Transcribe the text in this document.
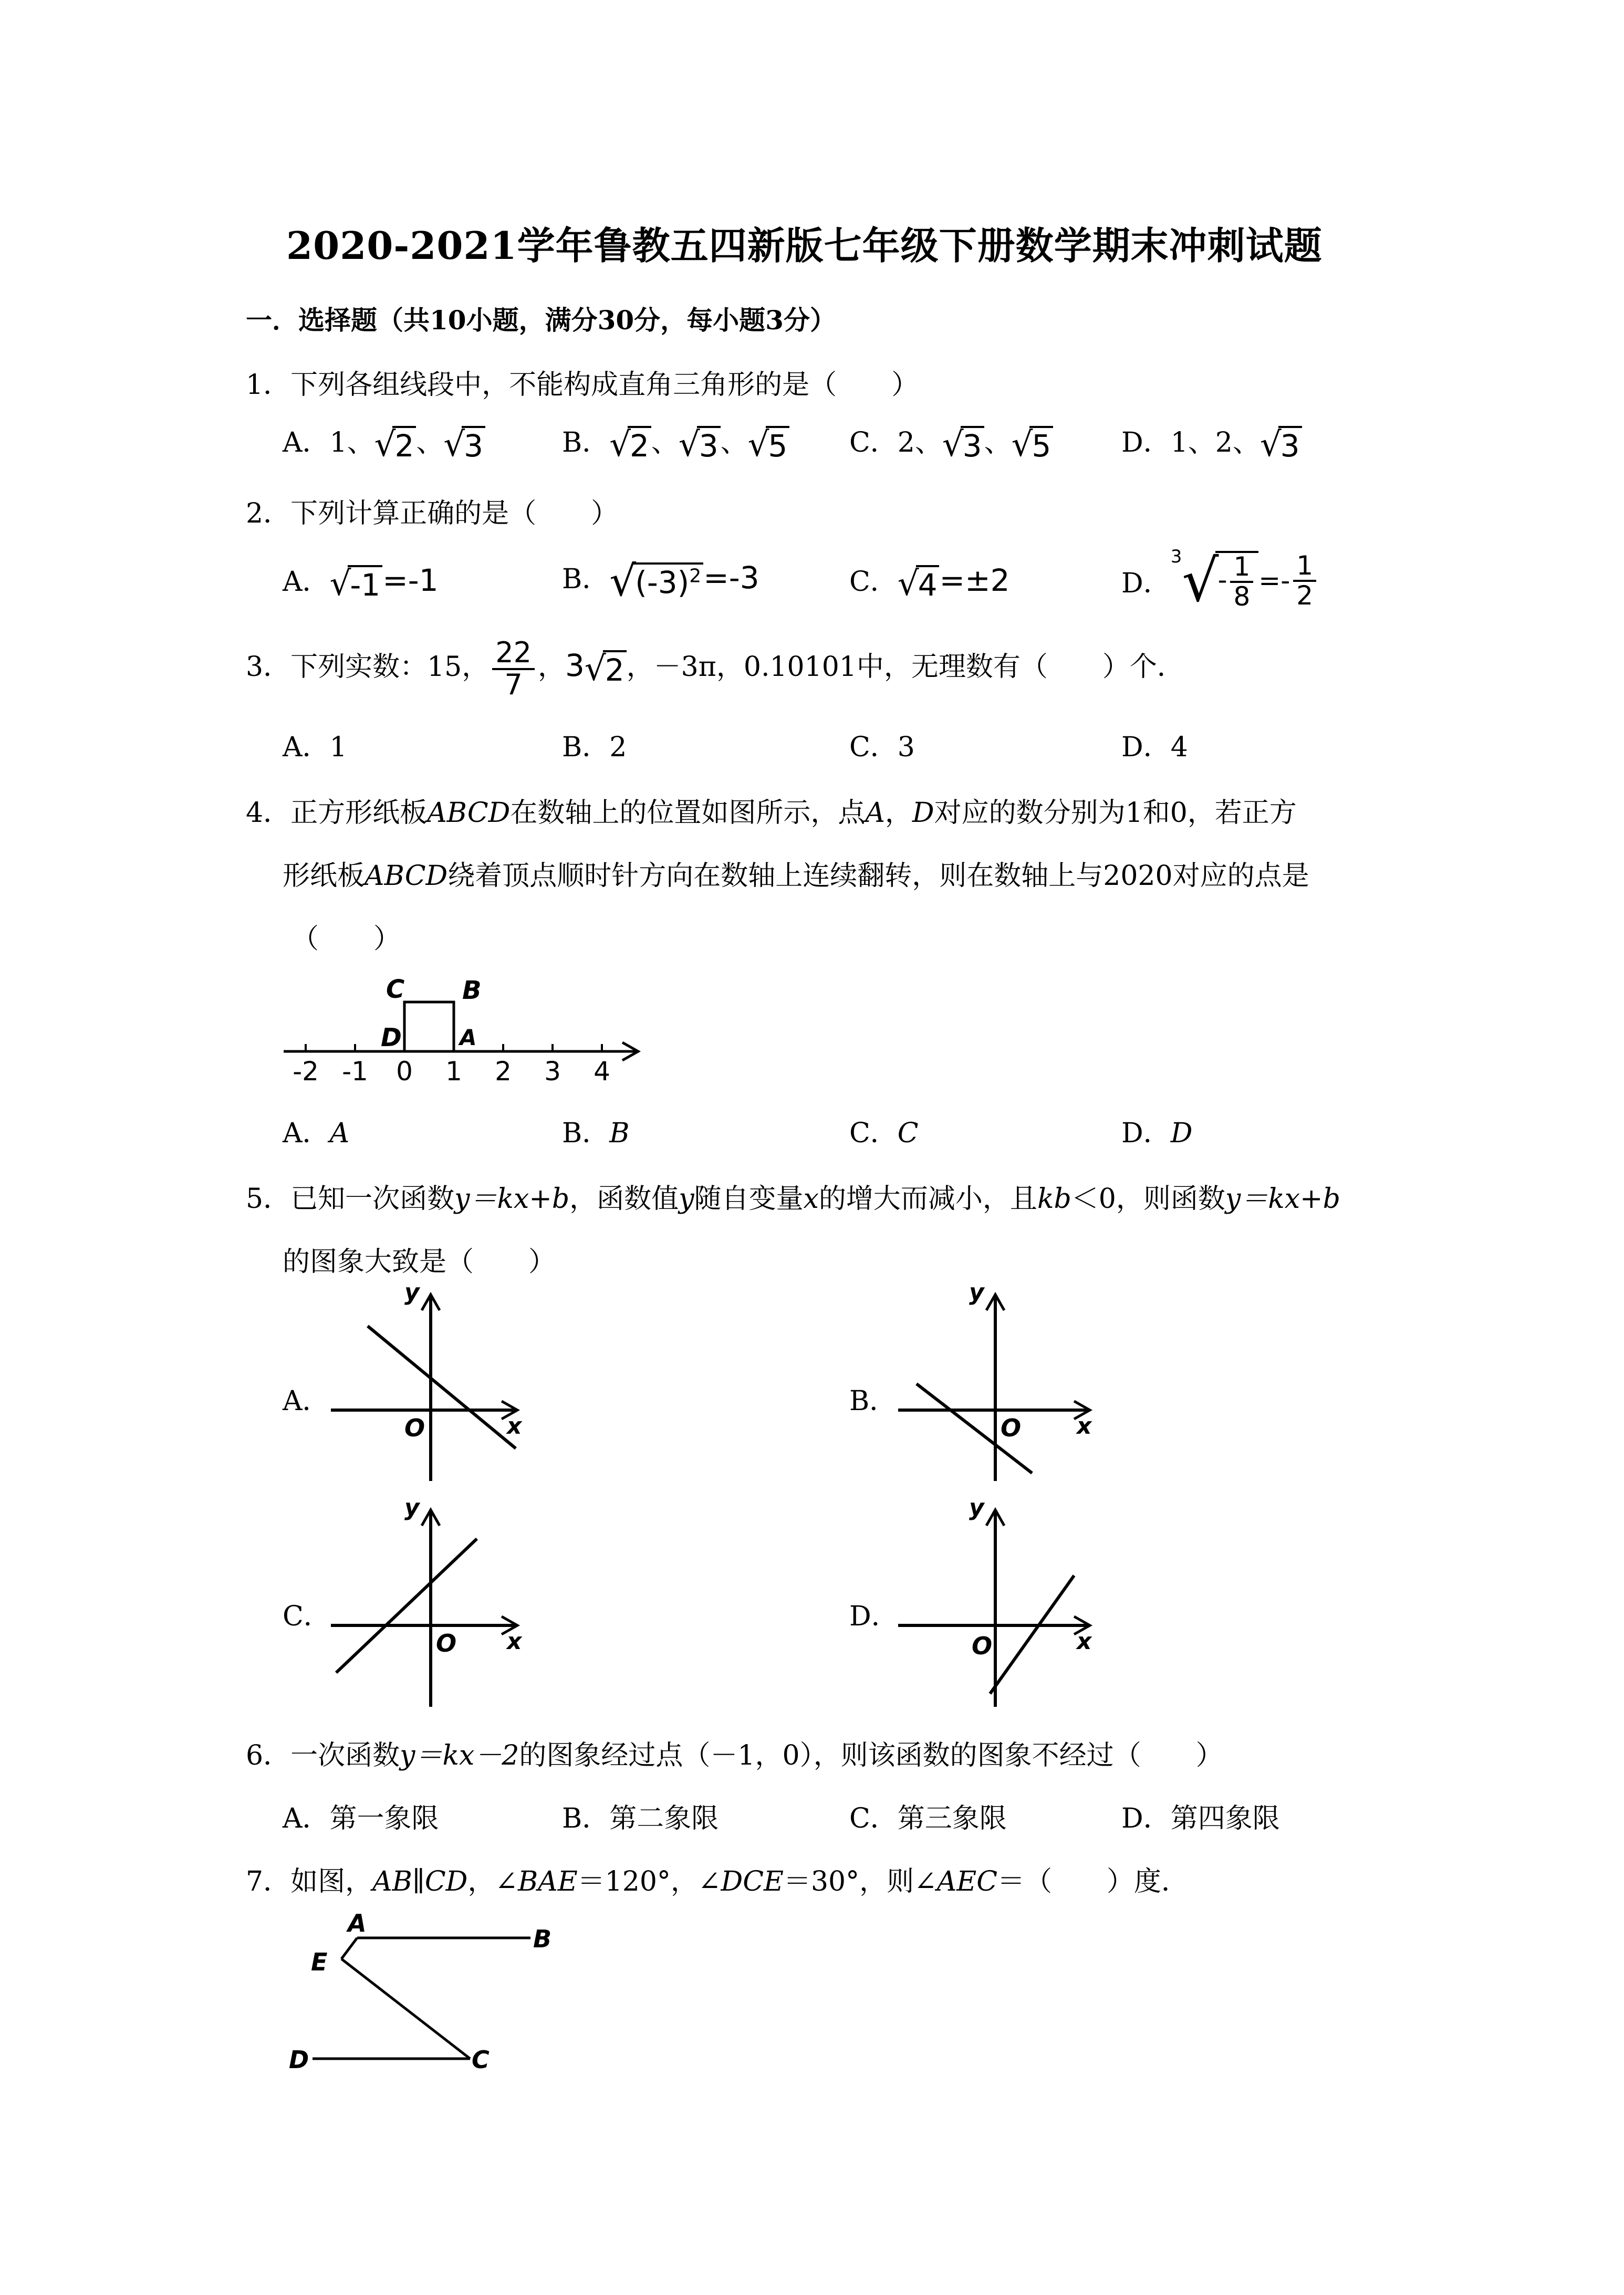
2020-2021学年鲁教五四新版七年级下册数学期末冲刺试题
一．选择题（共10小题，满分30分，每小题3分）
1．下列各组线段中，不能构成直角三角形的是（　　）
A．1、√2、√3	B．√2、√3、√5 C．2、√3、√5	D．1、2、√3
2．下列计算正确的是（　　）
A．√-1=-1	B．$√(-3)^2=-3$	C．√4=±2	D．$^3√- \frac{1}{8} =- \frac{1}{2}$
3．下列实数：15， $\frac{22}{7}$ ，3√2，－3π，0.10101中，无理数有（　　）个．
A．1	B．2	C．3	D．4
4．正方形纸板ABCD在数轴上的位置如图所示，点A，D对应的数分别为1和0，若正方
形纸板ABCD绕着顶点顺时针方向在数轴上连续翻转，则在数轴上与2020对应的点是
（　　）
-2 -1 0 1 2 3 4
C B
D	A
A．A	B．B	C．C	D．D
5．已知一次函数y＝kx+b，函数值y随自变量x的增大而减小，且kb＜0，则函数y＝kx+b
的图象大致是（　　）
A．
y
x
O
B．
y
x
O
C．
y
x
O
D．
y
x
O
6．一次函数y＝kx－2的图象经过点（－1，0），则该函数的图象不经过（　　）
A．第一象限	B．第二象限	C．第三象限	D．第四象限
7．如图，AB∥CD，∠BAE＝120°，∠DCE＝30°，则∠AEC＝（　　）度．
A
B
E
D	C
